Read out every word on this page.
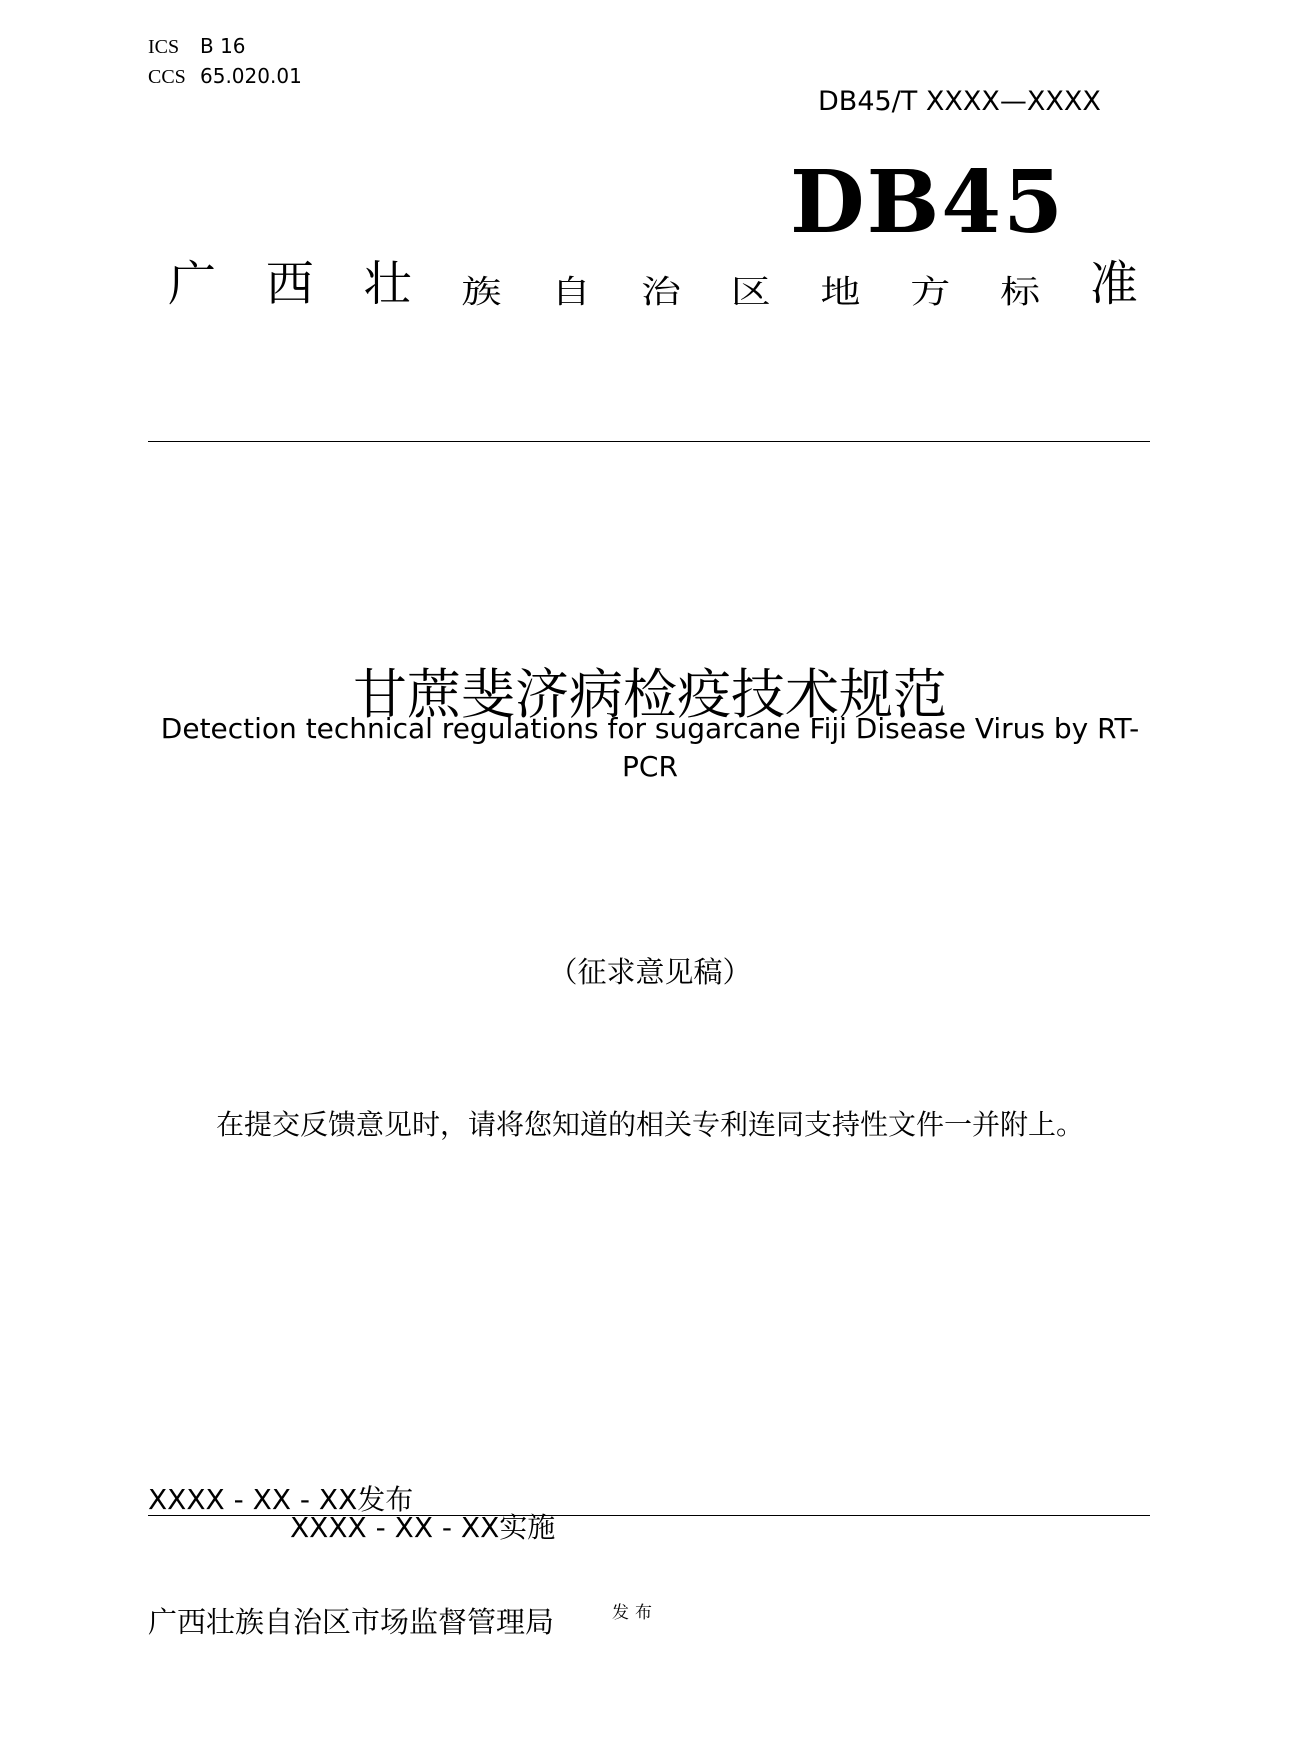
ICS B 16
CCS 65.020.01
DB45/T XXXX—XXXX
DB45
广 西 壮 族 自 治 区 地 方 标 准
甘蔗斐济病检疫技术规范
Detection technical regulations for sugarcane Fiji Disease Virus by RT-PCR
（征求意见稿）
在提交反馈意见时，请将您知道的相关专利连同支持性文件一并附上。
XXXX - XX - XX发布
XXXX - XX - XX实施
广西壮族自治区市场监督管理局	发布
